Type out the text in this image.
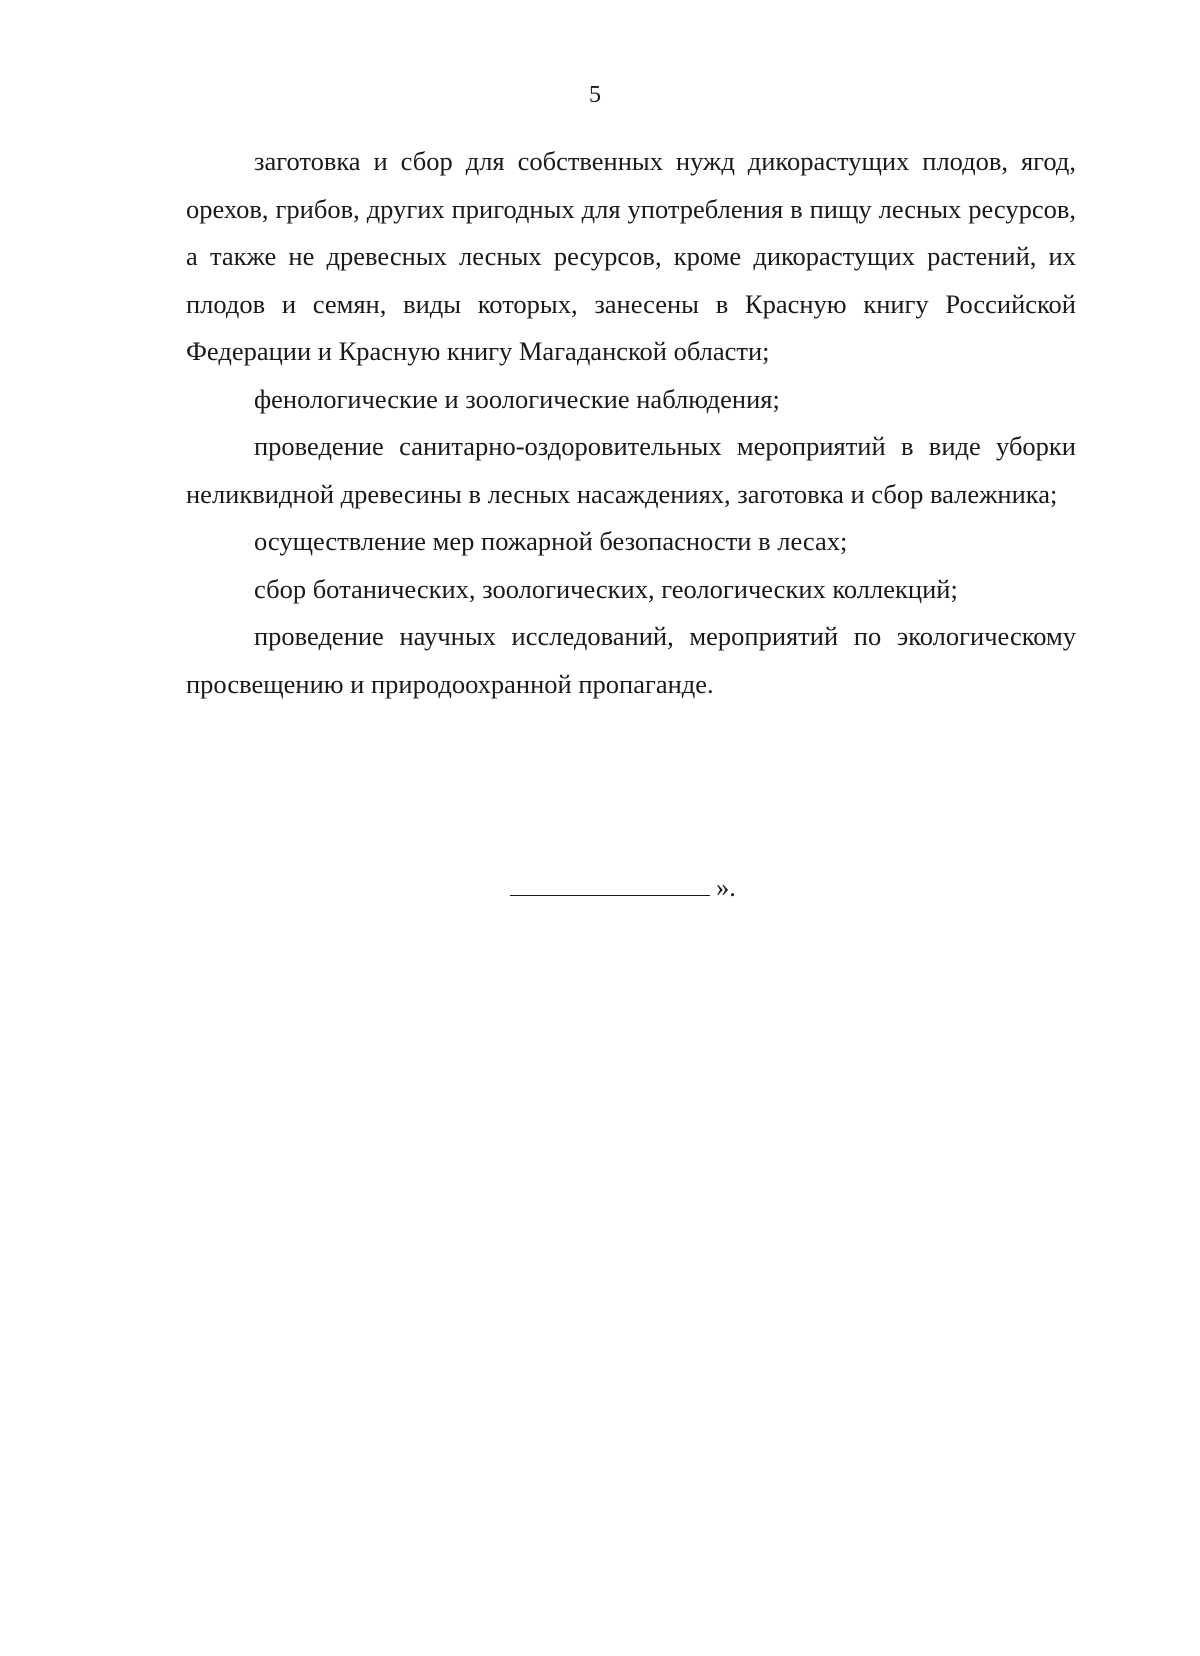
5

заготовка и сбор для собственных нужд дикорастущих плодов, ягод, орехов, грибов, других пригодных для употребления в пищу лесных ресурсов, а также не древесных лесных ресурсов, кроме дикорастущих растений, их плодов и семян, виды которых, занесены в Красную книгу Российской Федерации и Красную книгу Магаданской области;

фенологические и зоологические наблюдения;

проведение санитарно-оздоровительных мероприятий в виде уборки неликвидной древесины в лесных насаждениях, заготовка и сбор валежника;

осуществление мер пожарной безопасности в лесах;

сбор ботанических, зоологических, геологических коллекций;

проведение научных исследований, мероприятий по экологическому просвещению и природоохранной пропаганде.

».
